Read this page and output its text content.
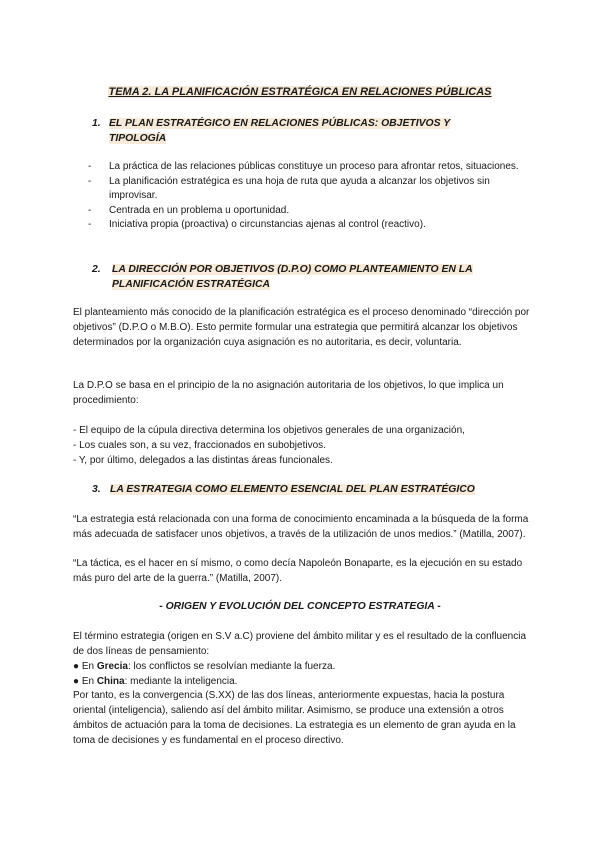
TEMA 2. LA PLANIFICACIÓN ESTRATÉGICA EN RELACIONES PÚBLICAS
1. EL PLAN ESTRATÉGICO EN RELACIONES PÚBLICAS: OBJETIVOS Y
TIPOLOGÍA
- La práctica de las relaciones públicas constituye un proceso para afrontar retos, situaciones.
- La planificación estratégica es una hoja de ruta que ayuda a alcanzar los objetivos sin improvisar.
- Centrada en un problema u oportunidad.
- Iniciativa propia (proactiva) o circunstancias ajenas al control (reactivo).
2.	LA DIRECCIÓN POR OBJETIVOS (D.P.O) COMO PLANTEAMIENTO EN LA
PLANIFICACIÓN ESTRATÉGICA

El planteamiento más conocido de la planificación estratégica es el proceso denominado “dirección por objetivos” (D.P.O o M.B.O). Esto permite formular una estrategia que permitirá alcanzar los objetivos determinados por la organización cuya asignación es no autoritaria, es decir, voluntaria.

La D.P.O se basa en el principio de la no asignación autoritaria de los objetivos, lo que implica un procedimiento:

- El equipo de la cúpula directiva determina los objetivos generales de una organización,
- Los cuales son, a su vez, fraccionados en subobjetivos.
- Y, por último, delegados a las distintas áreas funcionales.
3. LA ESTRATEGIA COMO ELEMENTO ESENCIAL DEL PLAN ESTRATÉGICO

“La estrategia está relacionada con una forma de conocimiento encaminada a la búsqueda de la forma más adecuada de satisfacer unos objetivos, a través de la utilización de unos medios.” (Matilla, 2007).

“La táctica, es el hacer en sí mismo, o como decía Napoleón Bonaparte, es la ejecución en su estado más puro del arte de la guerra.” (Matilla, 2007).

- ORIGEN Y EVOLUCIÓN DEL CONCEPTO ESTRATEGIA -

El término estrategia (origen en S.V a.C) proviene del ámbito militar y es el resultado de la confluencia de dos líneas de pensamiento:

● En Grecia: los conflictos se resolvían mediante la fuerza.
● En China: mediante la inteligencia.

Por tanto, es la convergencia (S.XX) de las dos líneas, anteriormente expuestas, hacia la postura oriental (inteligencia), saliendo así del ámbito militar. Asimismo, se produce una extensión a otros ámbitos de actuación para la toma de decisiones. La estrategia es un elemento de gran ayuda en la toma de decisiones y es fundamental en el proceso directivo.
